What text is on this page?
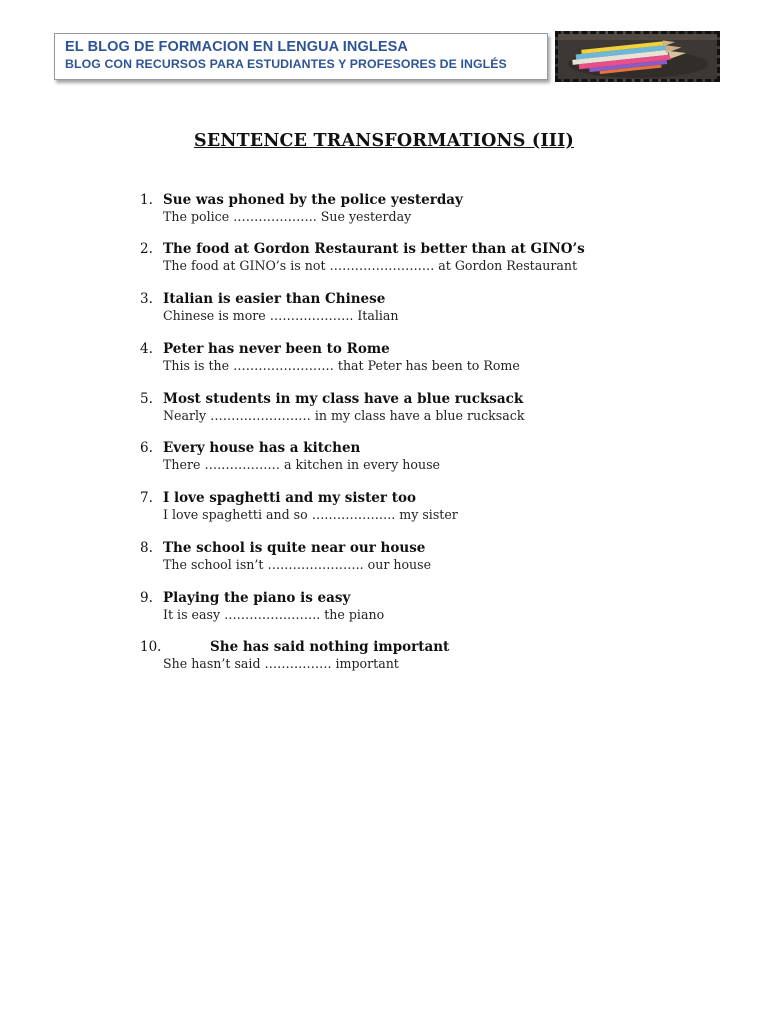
EL BLOG DE FORMACION EN LENGUA INGLESA
BLOG CON RECURSOS PARA ESTUDIANTES Y PROFESORES DE INGLÉS
SENTENCE TRANSFORMATIONS (III)
1. Sue was phoned by the police yesterday
The police ……………….. Sue yesterday
2. The food at Gordon Restaurant is better than at GINO’s
The food at GINO’s is not ……………………. at Gordon Restaurant
3. Italian is easier than Chinese
Chinese is more ……………….. Italian
4. Peter has never been to Rome
This is the …………………… that Peter has been to Rome
5. Most students in my class have a blue rucksack
Nearly …………………… in my class have a blue rucksack
6. Every house has a kitchen
There ……………… a kitchen in every house
7. I love spaghetti and my sister too
I love spaghetti and so ……………….. my sister
8. The school is quite near our house
The school isn’t ………………….. our house
9. Playing the piano is easy
It is easy ………………….. the piano
10.	She has said nothing important
She hasn’t said ……………. important
